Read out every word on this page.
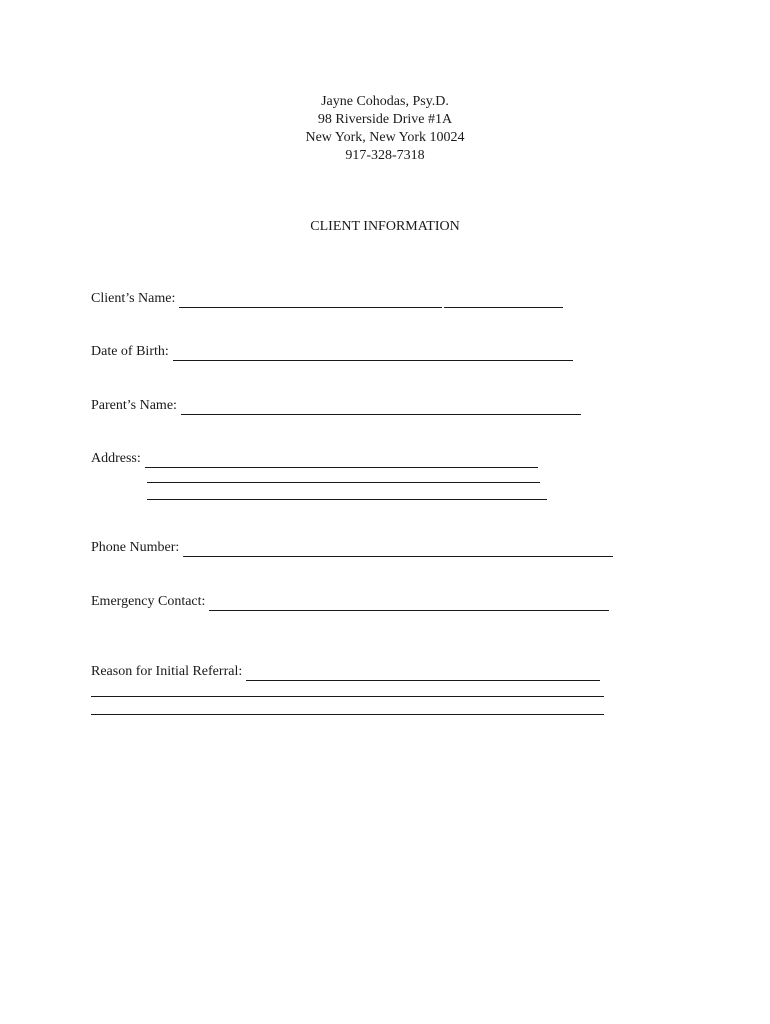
Jayne Cohodas, Psy.D.
98 Riverside Drive #1A
New York, New York 10024
917-328-7318
CLIENT INFORMATION
Client’s Name:
Date of Birth:
Parent’s Name:
Address:
Phone Number:
Emergency Contact:
Reason for Initial Referral:
